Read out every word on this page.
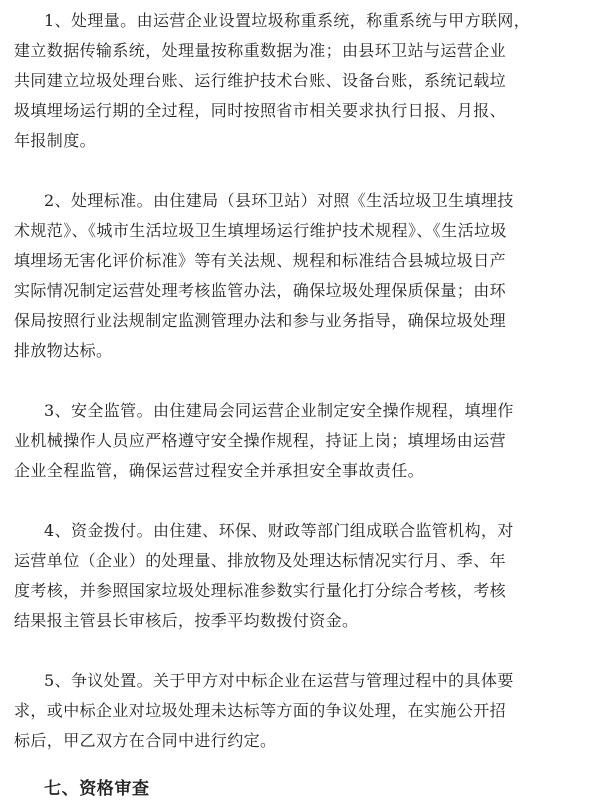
1、处理量。由运营企业设置垃圾称重系统，称重系统与甲方联网，
建立数据传输系统，处理量按称重数据为准；由县环卫站与运营企业
共同建立垃圾处理台账、运行维护技术台账、设备台账，系统记载垃
圾填埋场运行期的全过程，同时按照省市相关要求执行日报、月报、
年报制度。
2、处理标准。由住建局（县环卫站）对照《生活垃圾卫生填埋技
术规范》、《城市生活垃圾卫生填埋场运行维护技术规程》、《生活垃圾
填埋场无害化评价标准》等有关法规、规程和标准结合县城垃圾日产
实际情况制定运营处理考核监管办法，确保垃圾处理保质保量；由环
保局按照行业法规制定监测管理办法和参与业务指导，确保垃圾处理
排放物达标。
3、安全监管。由住建局会同运营企业制定安全操作规程，填埋作
业机械操作人员应严格遵守安全操作规程，持证上岗；填埋场由运营
企业全程监管，确保运营过程安全并承担安全事故责任。
4、资金拨付。由住建、环保、财政等部门组成联合监管机构，对
运营单位（企业）的处理量、排放物及处理达标情况实行月、季、年
度考核，并参照国家垃圾处理标准参数实行量化打分综合考核，考核
结果报主管县长审核后，按季平均数拨付资金。
5、争议处置。关于甲方对中标企业在运营与管理过程中的具体要
求，或中标企业对垃圾处理未达标等方面的争议处理，在实施公开招
标后，甲乙双方在合同中进行约定。
七、资格审查
